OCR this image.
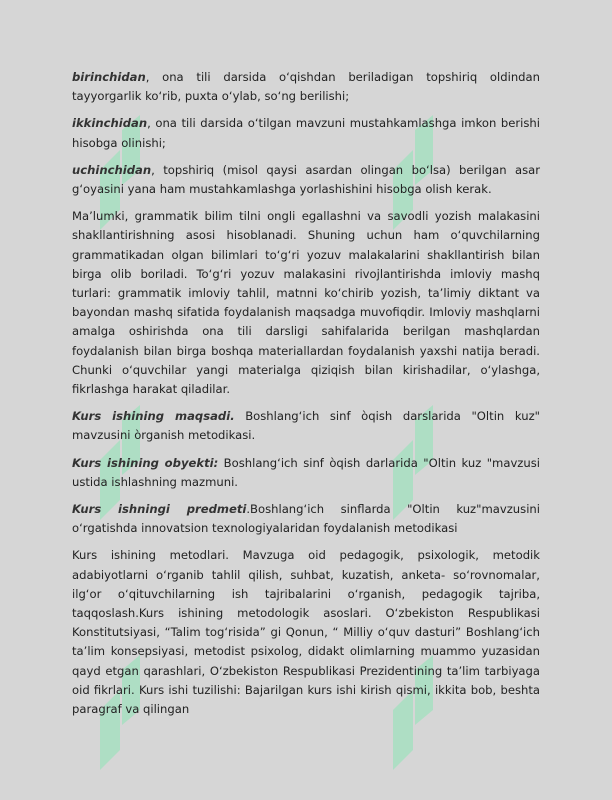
birinchidan, ona tili darsida o‘qishdan beriladigan topshiriq oldindan tayyorgarlik ko‘rib, puxta o‘ylab, so‘ng berilishi;

ikkinchidan, ona tili darsida o‘tilgan mavzuni mustahkamlashga imkon berishi hisobga olinishi;

uchinchidan, topshiriq (misol qaysi asardan olingan bo‘lsa) berilgan asar g‘oyasini yana ham mustahkamlashga yorlashishini hisobga olish kerak.

Ma’lumki, grammatik bilim tilni ongli egallashni va savodli yozish malakasini shakllantirishning asosi hisoblanadi. Shuning uchun ham o‘quvchilarning grammatikadan olgan bilimlari to‘g‘ri yozuv malakalarini shakllantirish bilan birga olib boriladi. To‘g‘ri yozuv malakasini rivojlantirishda imloviy mashq turlari: grammatik imloviy tahlil, matnni ko‘chirib yozish, ta’limiy diktant va bayondan mashq sifatida foydalanish maqsadga muvofiqdir. Imloviy mashqlarni amalga oshirishda ona tili darsligi sahifalarida berilgan mashqlardan foydalanish bilan birga boshqa materiallardan foydalanish yaxshi natija beradi. Chunki o‘quvchilar yangi materialga qiziqish bilan kirishadilar, o‘ylashga, fikrlashga harakat qiladilar.

Kurs ishining maqsadi. Boshlang‘ich sinf òqish darslarida "Oltin kuz" mavzusini òrganish metodikasi.

Kurs ishining obyekti: Boshlang‘ich sinf òqish darlarida "Oltin kuz "mavzusi ustida ishlashning mazmuni.

Kurs ishningi predmeti.Boshlang‘ich sinflarda "Oltin kuz"mavzusini o‘rgatishda innovatsion texnologiyalaridan foydalanish metodikasi

Kurs ishining metodlari. Mavzuga oid pedagogik, psixologik, metodik adabiyotlarni o‘rganib tahlil qilish, suhbat, kuzatish, anketa- so‘rovnomalar, ilg‘or o‘qituvchilarning ish tajribalarini o‘rganish, pedagogik tajriba, taqqoslash.Kurs ishining metodologik asoslari. O‘zbekiston Respublikasi Konstitutsiyasi, “Talim tog‘risida” gi Qonun, “ Milliy o‘quv dasturi” Boshlang‘ich ta’lim konsepsiyasi, metodist psixolog, didakt olimlarning muammo yuzasidan qayd etgan qarashlari, O‘zbekiston Respublikasi Prezidentining ta’lim tarbiyaga oid fikrlari. Kurs ishi tuzilishi: Bajarilgan kurs ishi kirish qismi, ikkita bob, beshta paragraf va qilingan
